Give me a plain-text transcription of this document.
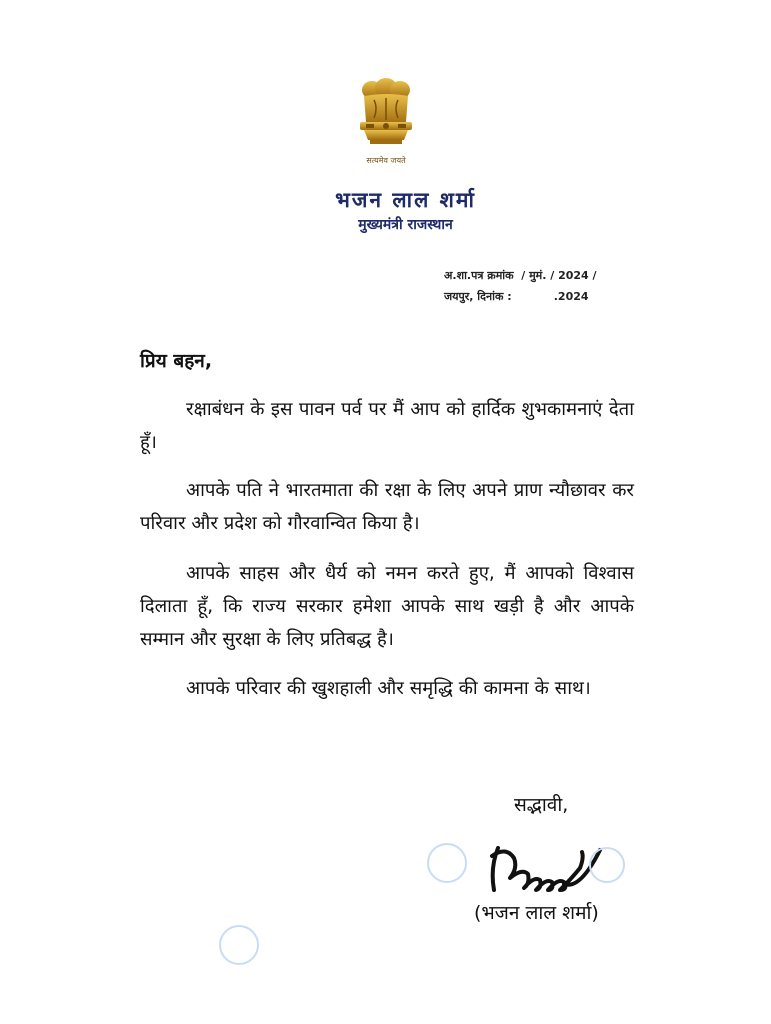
सत्यमेव जयते
भजन लाल शर्मा
मुख्यमंत्री राजस्थान
अ.शा.पत्र क्रमांक  / मुमं. / 2024 /
जयपुर, दिनांक :           .2024
प्रिय बहन,

रक्षाबंधन के इस पावन पर्व पर मैं आप को हार्दिक शुभकामनाएं देता हूँ।

आपके पति ने भारतमाता की रक्षा के लिए अपने प्राण न्यौछावर कर परिवार और प्रदेश को गौरवान्वित किया है।

आपके साहस और धैर्य को नमन करते हुए, मैं आपको विश्वास दिलाता हूँ, कि राज्य सरकार हमेशा आपके साथ खड़ी है और आपके सम्मान और सुरक्षा के लिए प्रतिबद्ध है।

आपके परिवार की खुशहाली और समृद्धि की कामना के साथ।

सद्भावी,
(भजन लाल शर्मा)
